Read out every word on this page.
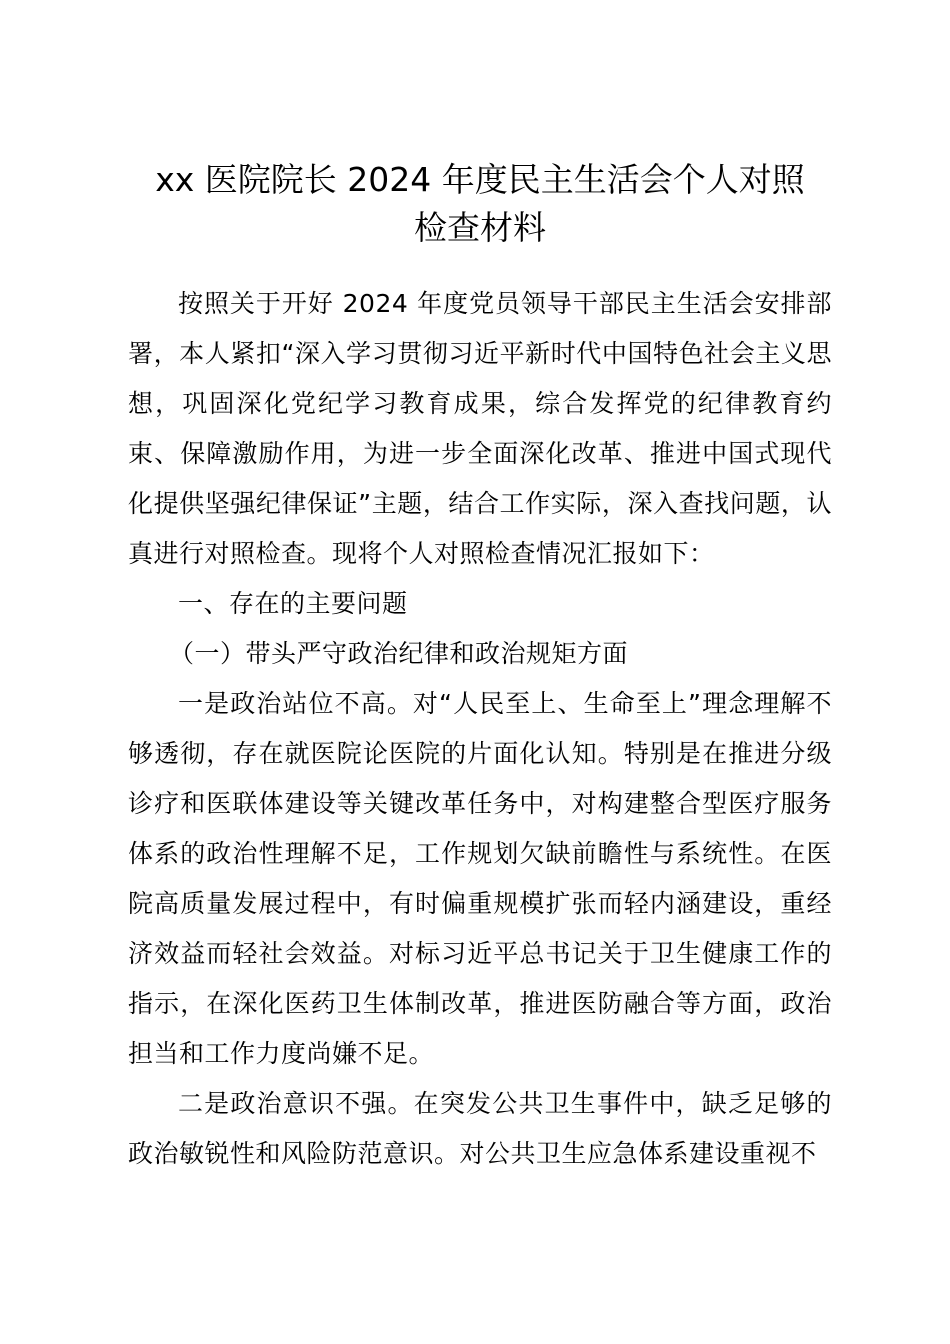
xx 医院院长 2024 年度民主生活会个人对照
检查材料

按照关于开好 2024 年度党员领导干部民主生活会安排部署，本人紧扣“深入学习贯彻习近平新时代中国特色社会主义思想，巩固深化党纪学习教育成果，综合发挥党的纪律教育约束、保障激励作用，为进一步全面深化改革、推进中国式现代化提供坚强纪律保证”主题，结合工作实际，深入查找问题，认真进行对照检查。现将个人对照检查情况汇报如下：

一、存在的主要问题

（一）带头严守政治纪律和政治规矩方面

一是政治站位不高。对“人民至上、生命至上”理念理解不够透彻，存在就医院论医院的片面化认知。特别是在推进分级诊疗和医联体建设等关键改革任务中，对构建整合型医疗服务体系的政治性理解不足，工作规划欠缺前瞻性与系统性。在医院高质量发展过程中，有时偏重规模扩张而轻内涵建设，重经济效益而轻社会效益。对标习近平总书记关于卫生健康工作的指示，在深化医药卫生体制改革，推进医防融合等方面，政治担当和工作力度尚嫌不足。

二是政治意识不强。在突发公共卫生事件中，缺乏足够的政治敏锐性和风险防范意识。对公共卫生应急体系建设重视不
